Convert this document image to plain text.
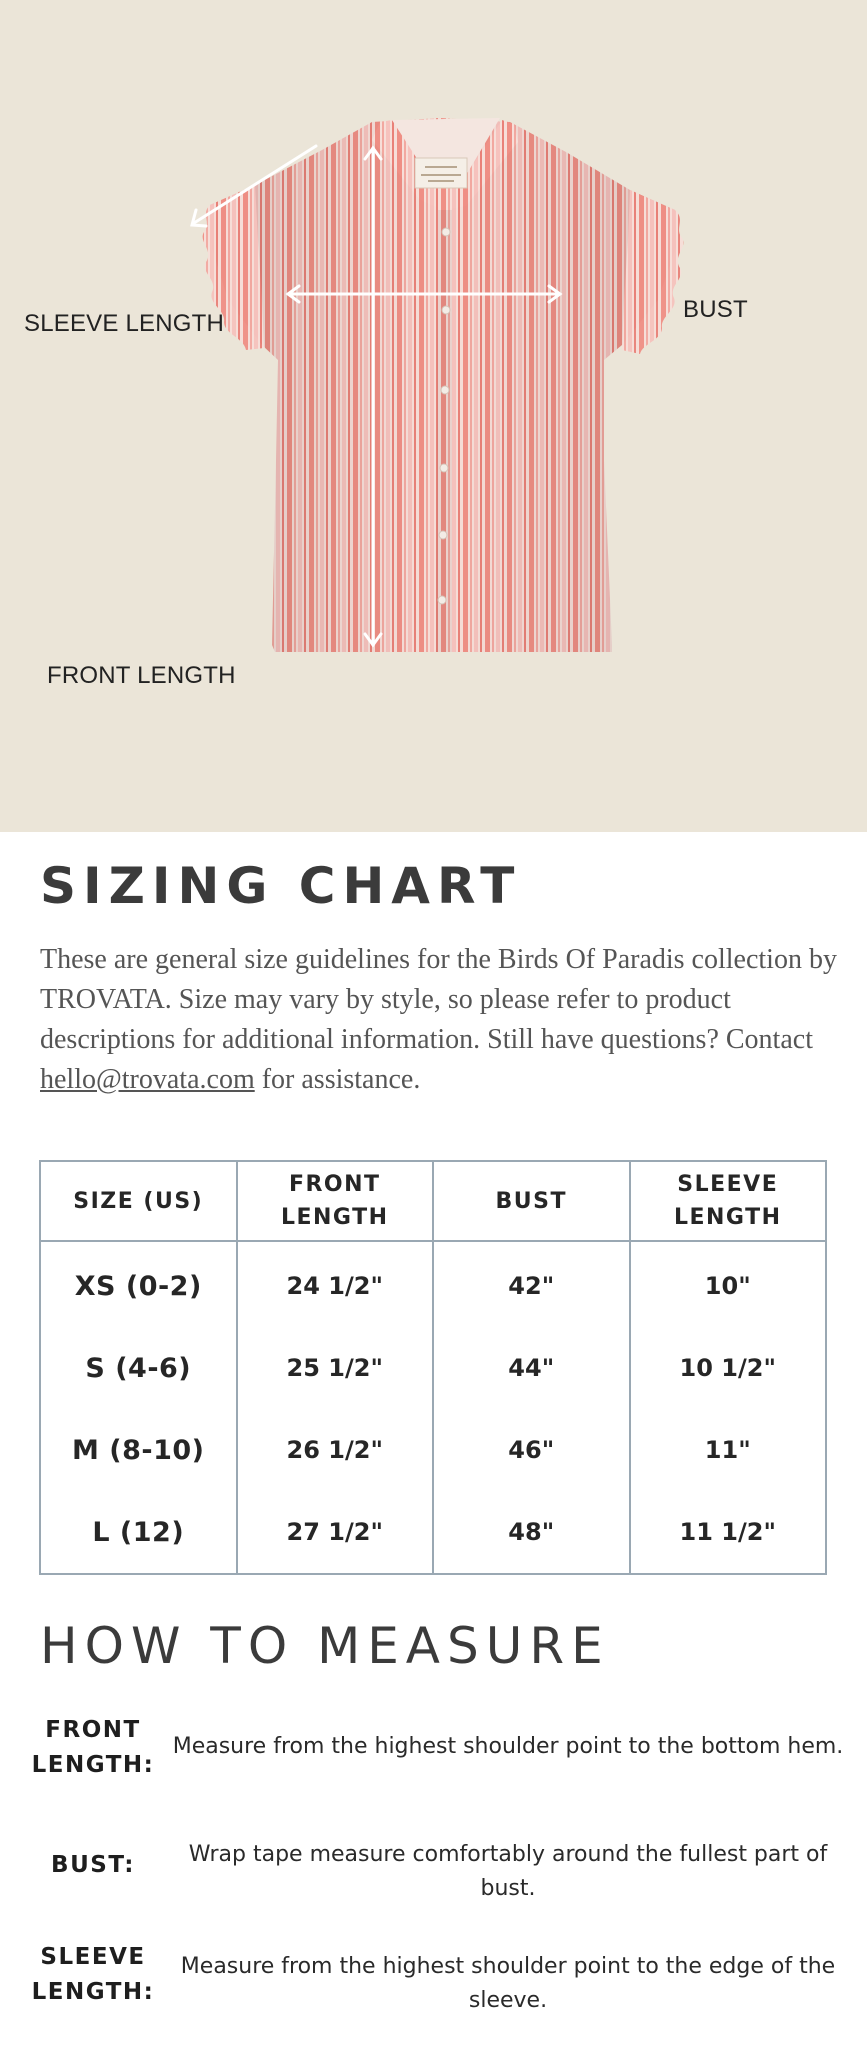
SLEEVE LENGTH
BUST
FRONT LENGTH
SIZING CHART

These are general size guidelines for the Birds Of Paradis collection by TROVATA. Size may vary by style, so please refer to product descriptions for additional information. Still have questions? Contact hello@trovata.com for assistance.

SIZE (US)	FRONT LENGTH	BUST	SLEEVE LENGTH
XS (0-2)	24 1/2"	42"	10"
S (4-6)	25 1/2"	44"	10 1/2"
M (8-10)	26 1/2"	46"	11"
L (12)	27 1/2"	48"	11 1/2"
HOW TO MEASURE
FRONT LENGTH:
Measure from the highest shoulder point to the bottom hem.
BUST:	Wrap tape measure comfortably around the fullest part of bust.
SLEEVE LENGTH:
Measure from the highest shoulder point to the edge of the sleeve.
